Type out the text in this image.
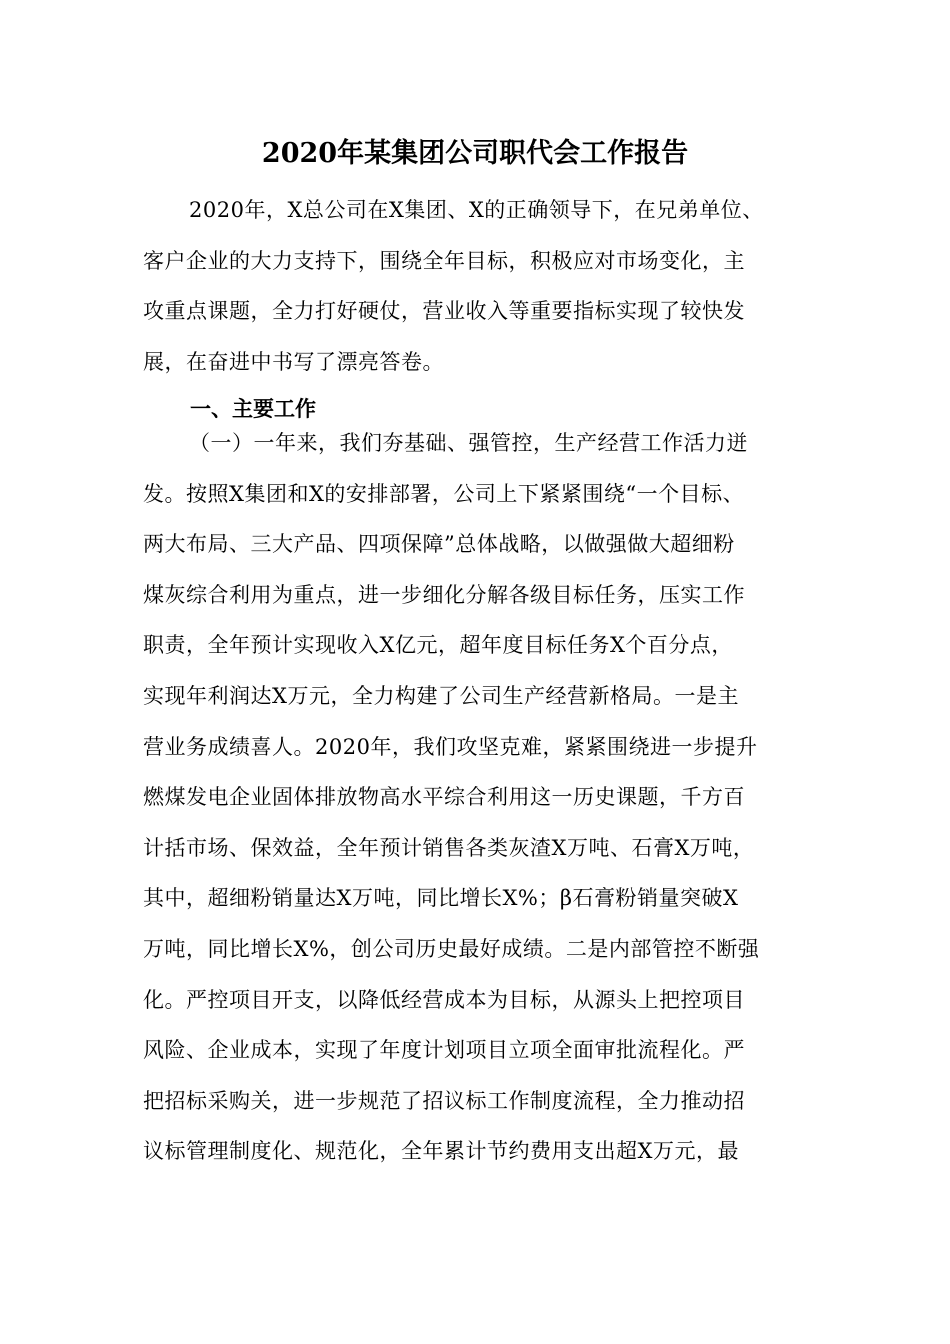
2020年某集团公司职代会工作报告
2020年，X总公司在X集团、X的正确领导下，在兄弟单位、
客户企业的大力支持下，围绕全年目标，积极应对市场变化，主
攻重点课题，全力打好硬仗，营业收入等重要指标实现了较快发
展，在奋进中书写了漂亮答卷。
一、主要工作
（一）一年来，我们夯基础、强管控，生产经营工作活力迸
发。按照X集团和X的安排部署，公司上下紧紧围绕“一个目标、
两大布局、三大产品、四项保障”总体战略，以做强做大超细粉
煤灰综合利用为重点，进一步细化分解各级目标任务，压实工作
职责，全年预计实现收入X亿元，超年度目标任务X个百分点，
实现年利润达X万元，全力构建了公司生产经营新格局。一是主
营业务成绩喜人。2020年，我们攻坚克难，紧紧围绕进一步提升
燃煤发电企业固体排放物高水平综合利用这一历史课题，千方百
计括市场、保效益，全年预计销售各类灰渣X万吨、石膏X万吨，
其中，超细粉销量达X万吨，同比增长X%；β石膏粉销量突破X
万吨，同比增长X%，创公司历史最好成绩。二是内部管控不断强
化。严控项目开支，以降低经营成本为目标，从源头上把控项目
风险、企业成本，实现了年度计划项目立项全面审批流程化。严
把招标采购关，进一步规范了招议标工作制度流程，全力推动招
议标管理制度化、规范化，全年累计节约费用支出超X万元，最
